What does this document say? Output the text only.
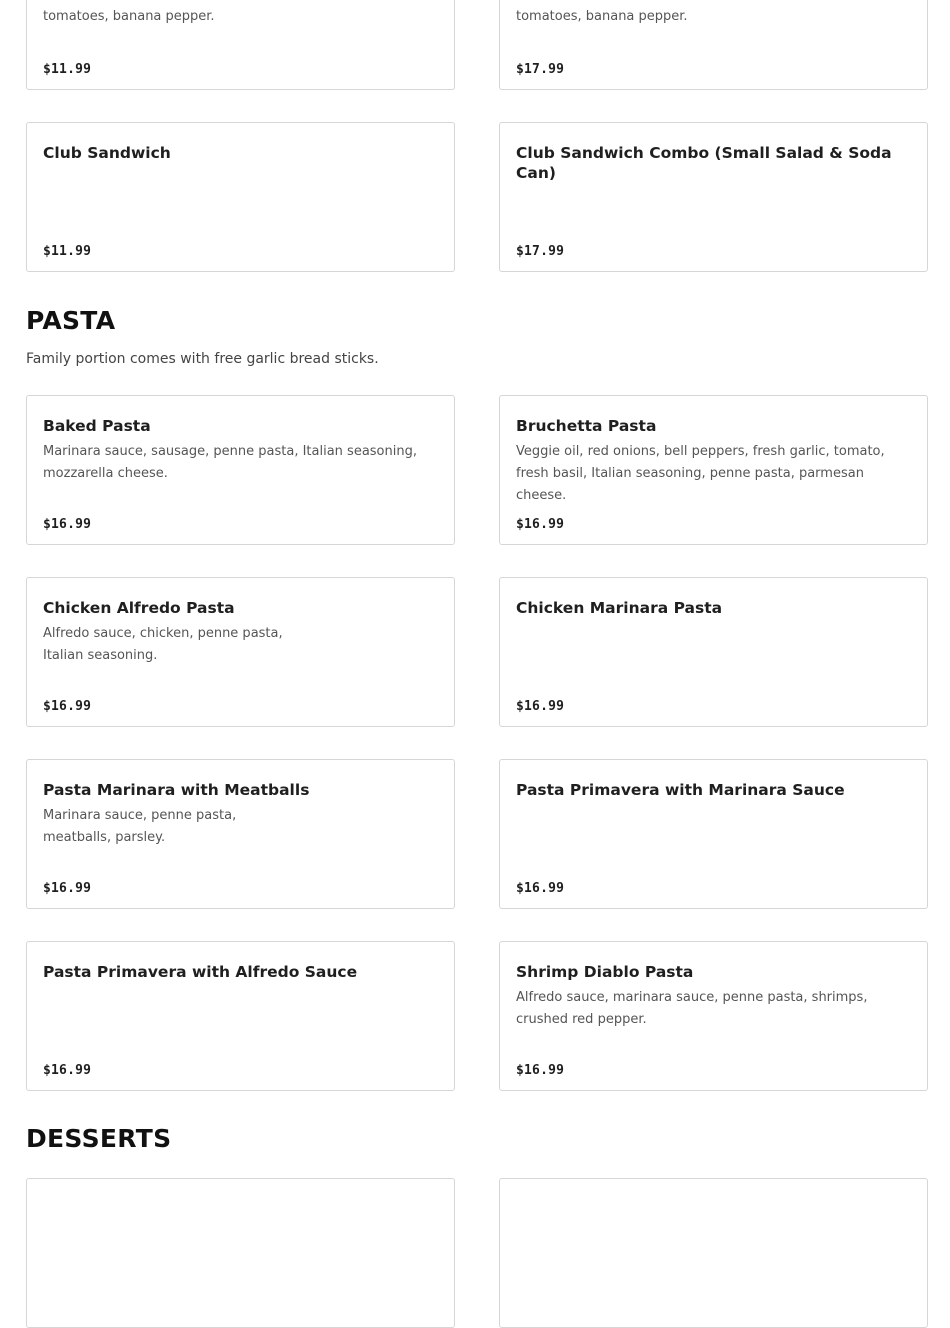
tomatoes, banana pepper.
$11.99
tomatoes, banana pepper.
$17.99
Club Sandwich
$11.99
Club Sandwich Combo (Small Salad & Soda Can)
$17.99
PASTA
Family portion comes with free garlic bread sticks.
Baked Pasta
Marinara sauce, sausage, penne pasta, Italian seasoning, mozzarella cheese.
$16.99
Bruchetta Pasta
Veggie oil, red onions, bell peppers, fresh garlic, tomato, fresh basil, Italian seasoning, penne pasta, parmesan cheese.
$16.99
Chicken Alfredo Pasta
Alfredo sauce, chicken, penne pasta, Italian seasoning.
$16.99
Chicken Marinara Pasta
$16.99
Pasta Marinara with Meatballs
Marinara sauce, penne pasta, meatballs, parsley.
$16.99
Pasta Primavera with Marinara Sauce
$16.99
Pasta Primavera with Alfredo Sauce
$16.99
Shrimp Diablo Pasta
Alfredo sauce, marinara sauce, penne pasta, shrimps, crushed red pepper.
$16.99
DESSERTS
